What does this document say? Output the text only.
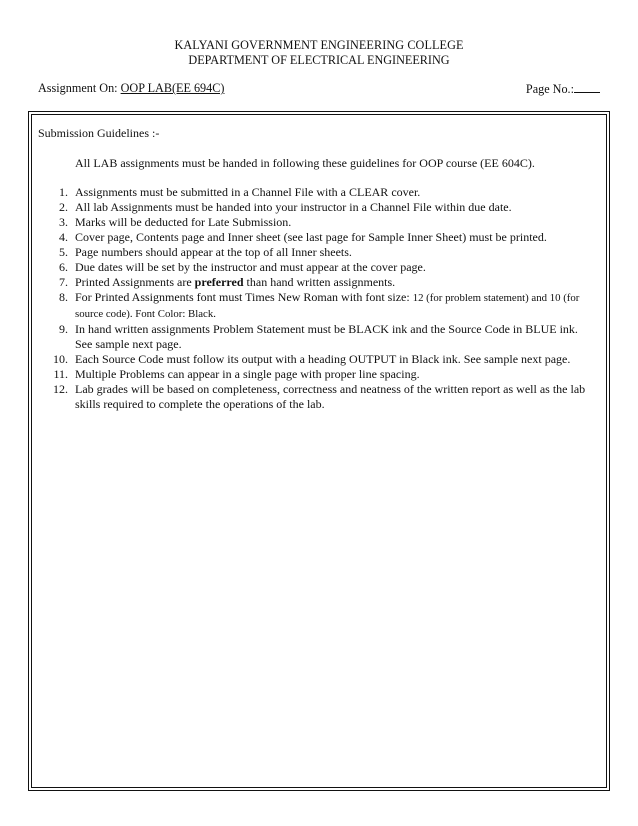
KALYANI GOVERNMENT ENGINEERING COLLEGE
DEPARTMENT OF ELECTRICAL ENGINEERING
Assignment On: OOP LAB(EE 694C)	Page No.:

Submission Guidelines :-

All LAB assignments must be handed in following these guidelines for OOP course (EE 604C).

1. Assignments must be submitted in a Channel File with a CLEAR cover.
2. All lab Assignments must be handed into your instructor in a Channel File within due date.
3. Marks will be deducted for Late Submission.
4. Cover page, Contents page and Inner sheet (see last page for Sample Inner Sheet) must be printed.
5. Page numbers should appear at the top of all Inner sheets.
6. Due dates will be set by the instructor and must appear at the cover page.
7. Printed Assignments are preferred than hand written assignments.
8. For Printed Assignments font must Times New Roman with font size: 12 (for problem statement) and 10 (for source code). Font Color: Black.
9. In hand written assignments Problem Statement must be BLACK ink and the Source Code in BLUE ink. See sample next page.
10. Each Source Code must follow its output with a heading OUTPUT in Black ink. See sample next page.
11. Multiple Problems can appear in a single page with proper line spacing.
12. Lab grades will be based on completeness, correctness and neatness of the written report as well as the lab skills required to complete the operations of the lab.
